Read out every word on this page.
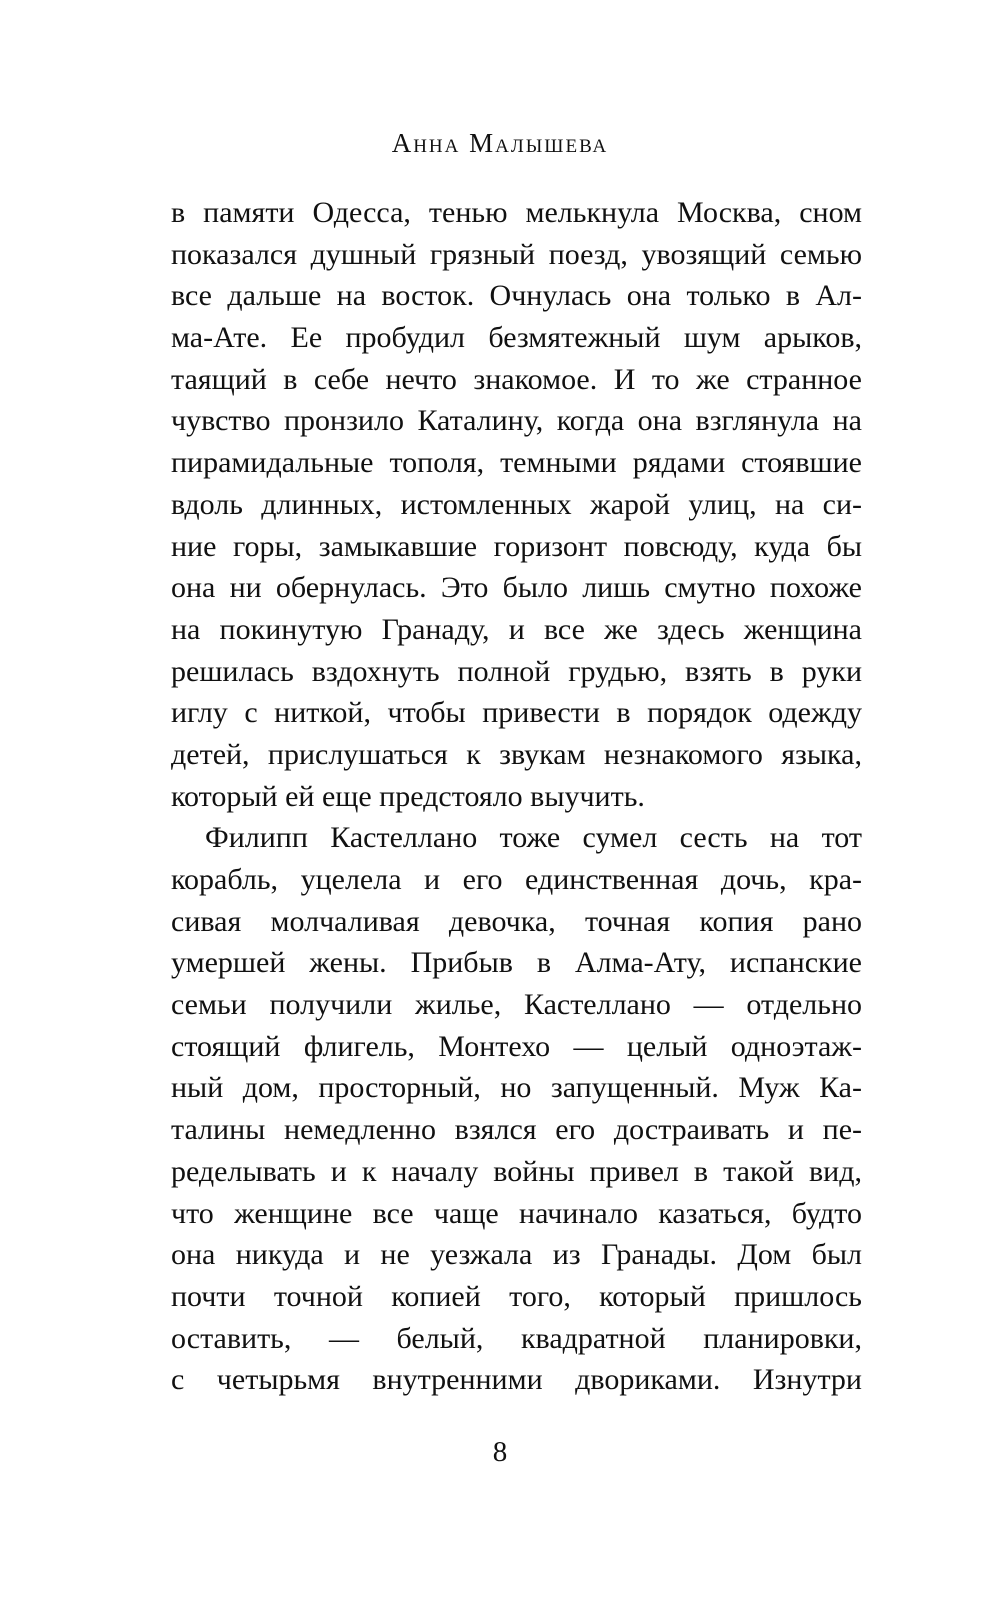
Анна Малышева

в памяти Одесса, тенью мелькнула Москва, сном
показался душный грязный поезд, увозящий семью
все дальше на восток. Очнулась она только в Ал-
ма-Ате. Ее пробудил безмятежный шум арыков,
таящий в себе нечто знакомое. И то же странное
чувство пронзило Каталину, когда она взглянула на
пирамидальные тополя, темными рядами стоявшие
вдоль длинных, истомленных жарой улиц, на си-
ние горы, замыкавшие горизонт повсюду, куда бы
она ни обернулась. Это было лишь смутно похоже
на покинутую Гранаду, и все же здесь женщина
решилась вздохнуть полной грудью, взять в руки
иглу с ниткой, чтобы привести в порядок одежду
детей, прислушаться к звукам незнакомого языка,
который ей еще предстояло выучить.
Филипп Кастеллано тоже сумел сесть на тот
корабль, уцелела и его единственная дочь, кра-
сивая молчаливая девочка, точная копия рано
умершей жены. Прибыв в Алма-Ату, испанские
семьи получили жилье, Кастеллано — отдельно
стоящий флигель, Монтехо — целый одноэтаж-
ный дом, просторный, но запущенный. Муж Ка-
талины немедленно взялся его достраивать и пе-
ределывать и к началу войны привел в такой вид,
что женщине все чаще начинало казаться, будто
она никуда и не уезжала из Гранады. Дом был
почти точной копией того, который пришлось
оставить, — белый, квадратной планировки,
с четырьмя внутренними двориками. Изнутри

8
